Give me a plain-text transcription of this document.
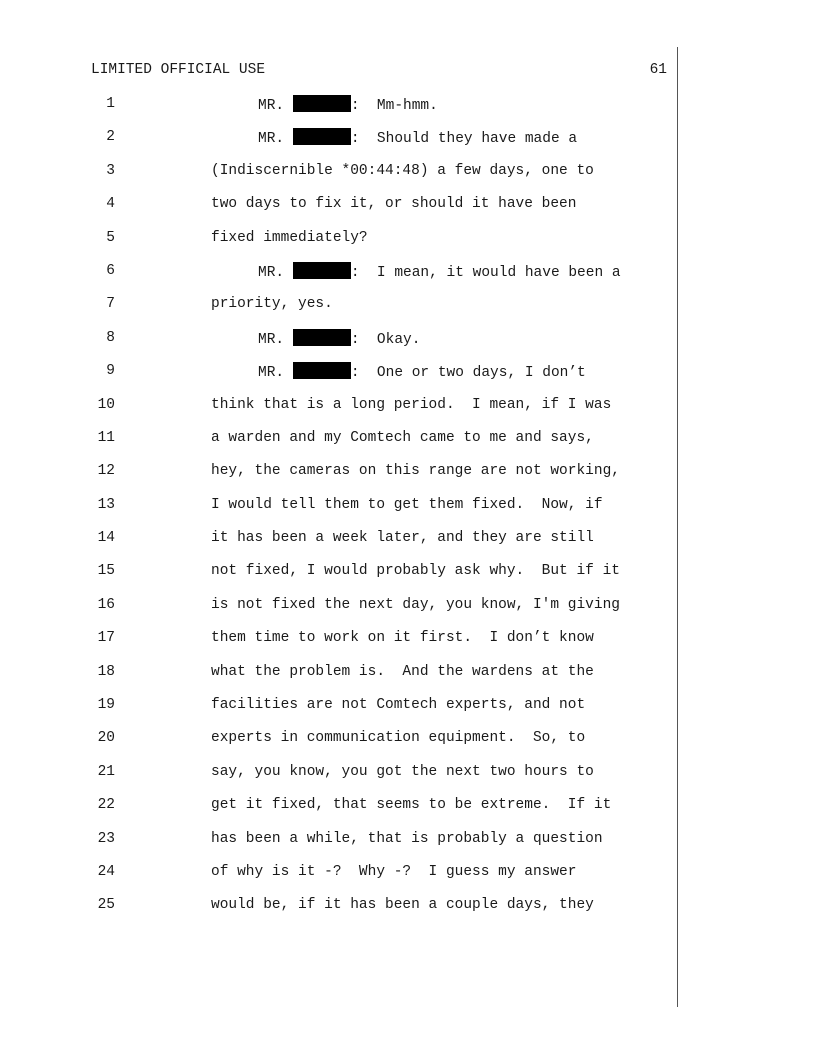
LIMITED OFFICIAL USE	61
1	MR.	:  Mm-hmm.
2	MR.	:  Should they have made a
3	(Indiscernible *00:44:48) a few days, one to
4	two days to fix it, or should it have been
5	fixed immediately?
6	MR.	:  I mean, it would have been a
7	priority, yes.
8	MR.	:  Okay.
9	MR.	:  One or two days, I don’t
10	think that is a long period.  I mean, if I was
11	a warden and my Comtech came to me and says,
12	hey, the cameras on this range are not working,
13	I would tell them to get them fixed.  Now, if
14	it has been a week later, and they are still
15	not fixed, I would probably ask why.  But if it
16	is not fixed the next day, you know, I'm giving
17	them time to work on it first.  I don’t know
18	what the problem is.  And the wardens at the
19	facilities are not Comtech experts, and not
20	experts in communication equipment.  So, to
21	say, you know, you got the next two hours to
22	get it fixed, that seems to be extreme.  If it
23	has been a while, that is probably a question
24	of why is it -?  Why -?  I guess my answer
25	would be, if it has been a couple days, they
